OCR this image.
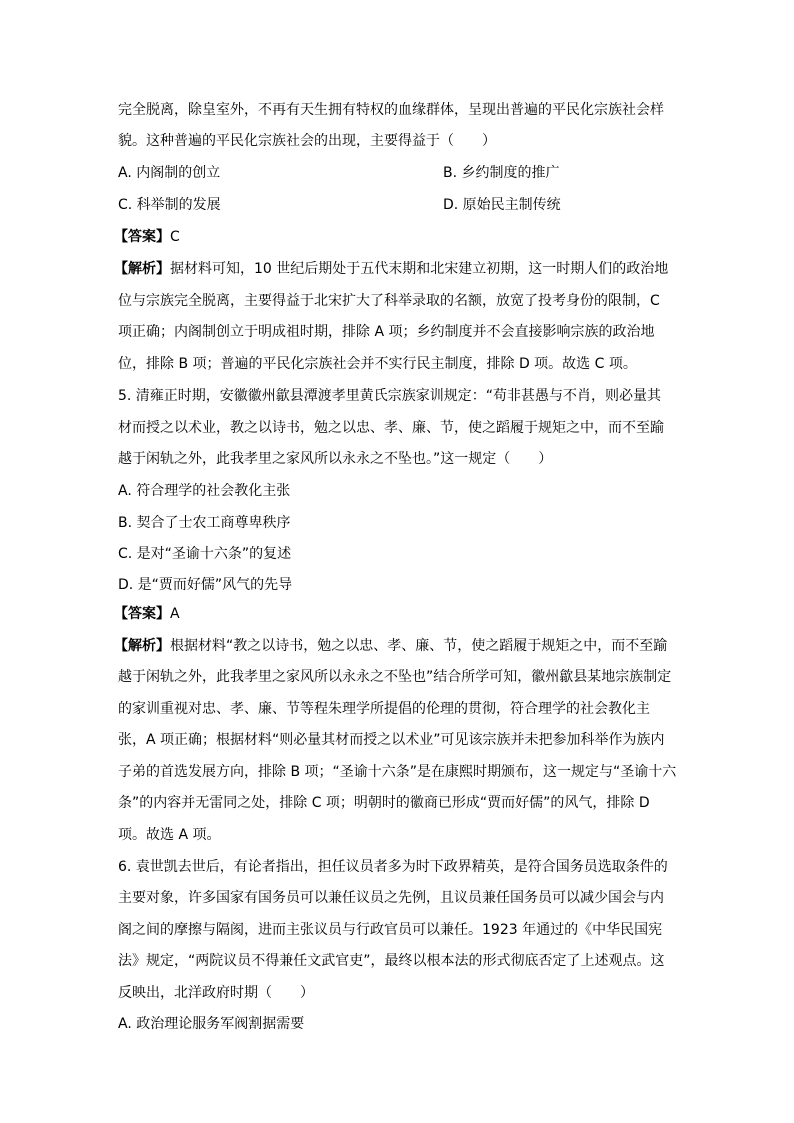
完全脱离，除皇室外，不再有天生拥有特权的血缘群体，呈现出普遍的平民化宗族社会样
貌。这种普遍的平民化宗族社会的出现，主要得益于（　　）
A. 内阁制的创立	B. 乡约制度的推广
C. 科举制的发展	D. 原始民主制传统
【答案】C
【解析】据材料可知，10 世纪后期处于五代末期和北宋建立初期，这一时期人们的政治地
位与宗族完全脱离，主要得益于北宋扩大了科举录取的名额，放宽了投考身份的限制，C
项正确；内阁制创立于明成祖时期，排除 A 项；乡约制度并不会直接影响宗族的政治地
位，排除 B 项；普遍的平民化宗族社会并不实行民主制度，排除 D 项。故选 C 项。
5. 清雍正时期，安徽徽州歙县潭渡孝里黄氏宗族家训规定：“苟非甚愚与不肖，则必量其
材而授之以术业，教之以诗书，勉之以忠、孝、廉、节，使之蹈履于规矩之中，而不至踰
越于闲轨之外，此我孝里之家风所以永永之不坠也。”这一规定（　　）
A. 符合理学的社会教化主张
B. 契合了士农工商尊卑秩序
C. 是对“圣谕十六条”的复述
D. 是“贾而好儒”风气的先导
【答案】A
【解析】根据材料“教之以诗书，勉之以忠、孝、廉、节，使之蹈履于规矩之中，而不至踰
越于闲轨之外，此我孝里之家风所以永永之不坠也”结合所学可知，徽州歙县某地宗族制定
的家训重视对忠、孝、廉、节等程朱理学所提倡的伦理的贯彻，符合理学的社会教化主
张，A 项正确；根据材料“则必量其材而授之以术业”可见该宗族并未把参加科举作为族内
子弟的首选发展方向，排除 B 项；“圣谕十六条”是在康熙时期颁布，这一规定与“圣谕十六
条”的内容并无雷同之处，排除 C 项；明朝时的徽商已形成“贾而好儒”的风气，排除 D
项。故选 A 项。
6. 袁世凯去世后，有论者指出，担任议员者多为时下政界精英，是符合国务员选取条件的
主要对象，许多国家有国务员可以兼任议员之先例，且议员兼任国务员可以减少国会与内
阁之间的摩擦与隔阂，进而主张议员与行政官员可以兼任。1923 年通过的《中华民国宪
法》规定，“两院议员不得兼任文武官吏”，最终以根本法的形式彻底否定了上述观点。这
反映出，北洋政府时期（　　）
A. 政治理论服务军阀割据需要
